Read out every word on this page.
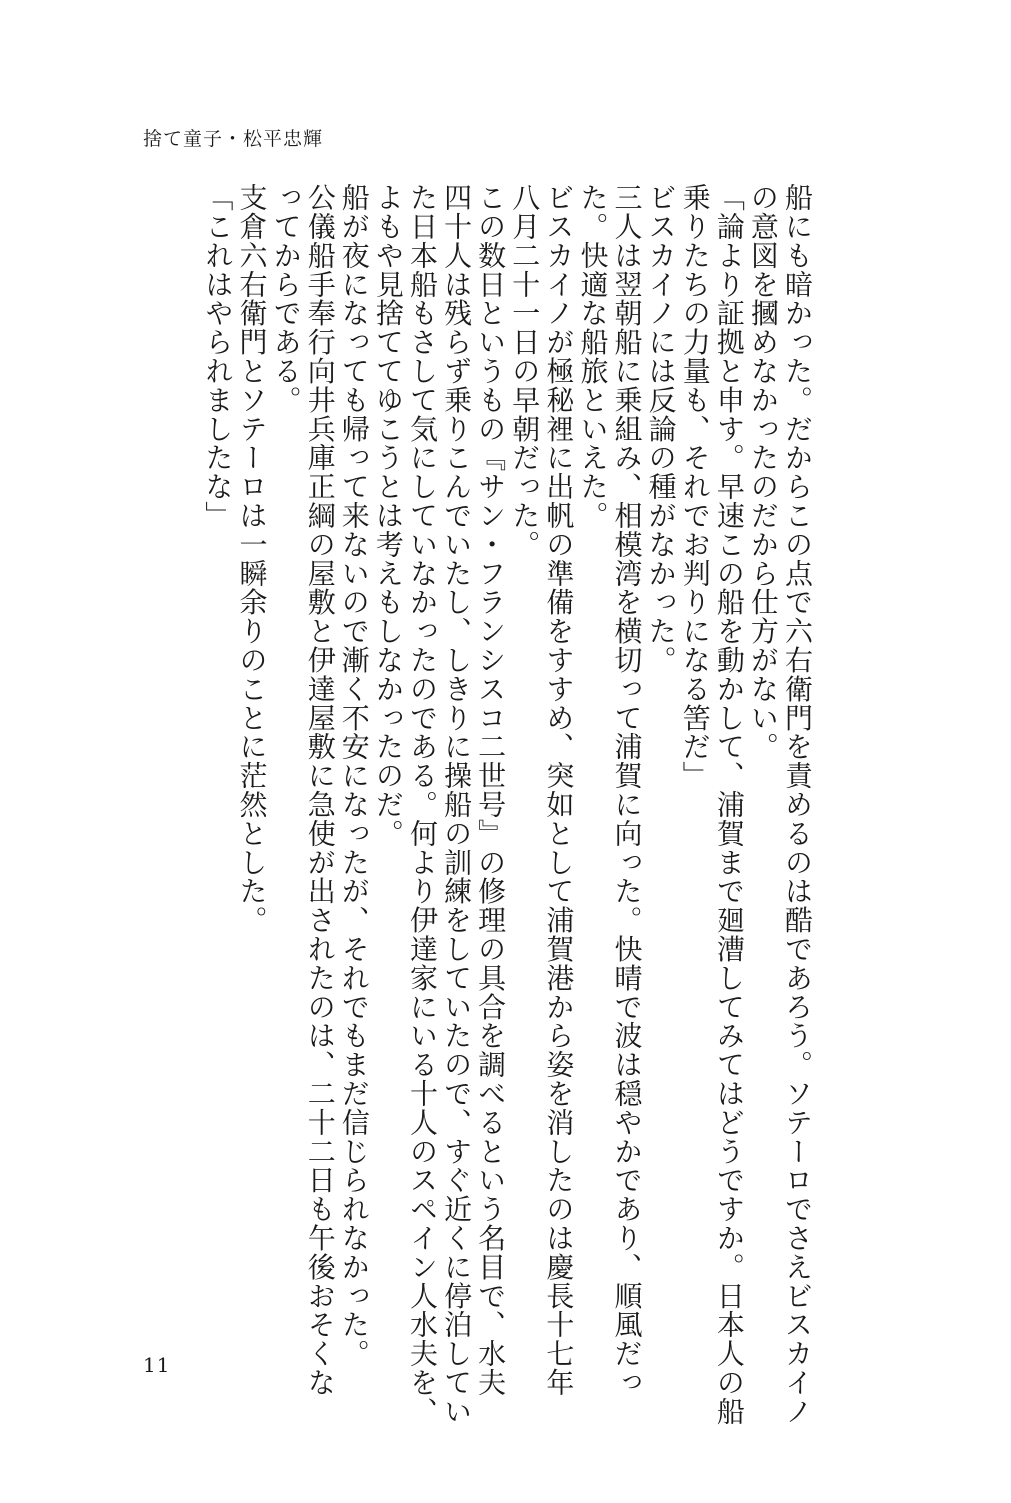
捨て童子・松平忠輝
船にも暗かった。だからこの点で六右衛門を責めるのは酷であろう。ソテーロでさえビスカイノ
の意図を摑めなかったのだから仕方がない。
「論より証拠と申す。早速この船を動かして、浦賀まで廻漕してみてはどうですか。日本人の船
乗りたちの力量も、それでお判りになる筈だ」
ビスカイノには反論の種がなかった。
三人は翌朝船に乗組み、相模湾を横切って浦賀に向った。快晴で波は穏やかであり、順風だっ
た。快適な船旅といえた。
ビスカイノが極秘裡に出帆の準備をすすめ、突如として浦賀港から姿を消したのは慶長十七年
八月二十一日の早朝だった。
この数日というもの『サン・フランシスコ二世号』の修理の具合を調べるという名目で、水夫
四十人は残らず乗りこんでいたし、しきりに操船の訓練をしていたので、すぐ近くに停泊してい
た日本船もさして気にしていなかったのである。何より伊達家にいる十人のスペイン人水夫を、
よもや見捨ててゆこうとは考えもしなかったのだ。
船が夜になっても帰って来ないので漸く不安になったが、それでもまだ信じられなかった。
公儀船手奉行向井兵庫正綱の屋敷と伊達屋敷に急使が出されたのは、二十二日も午後おそくな
ってからである。
支倉六右衛門とソテーロは一瞬余りのことに茫然とした。
「これはやられましたな」
11
